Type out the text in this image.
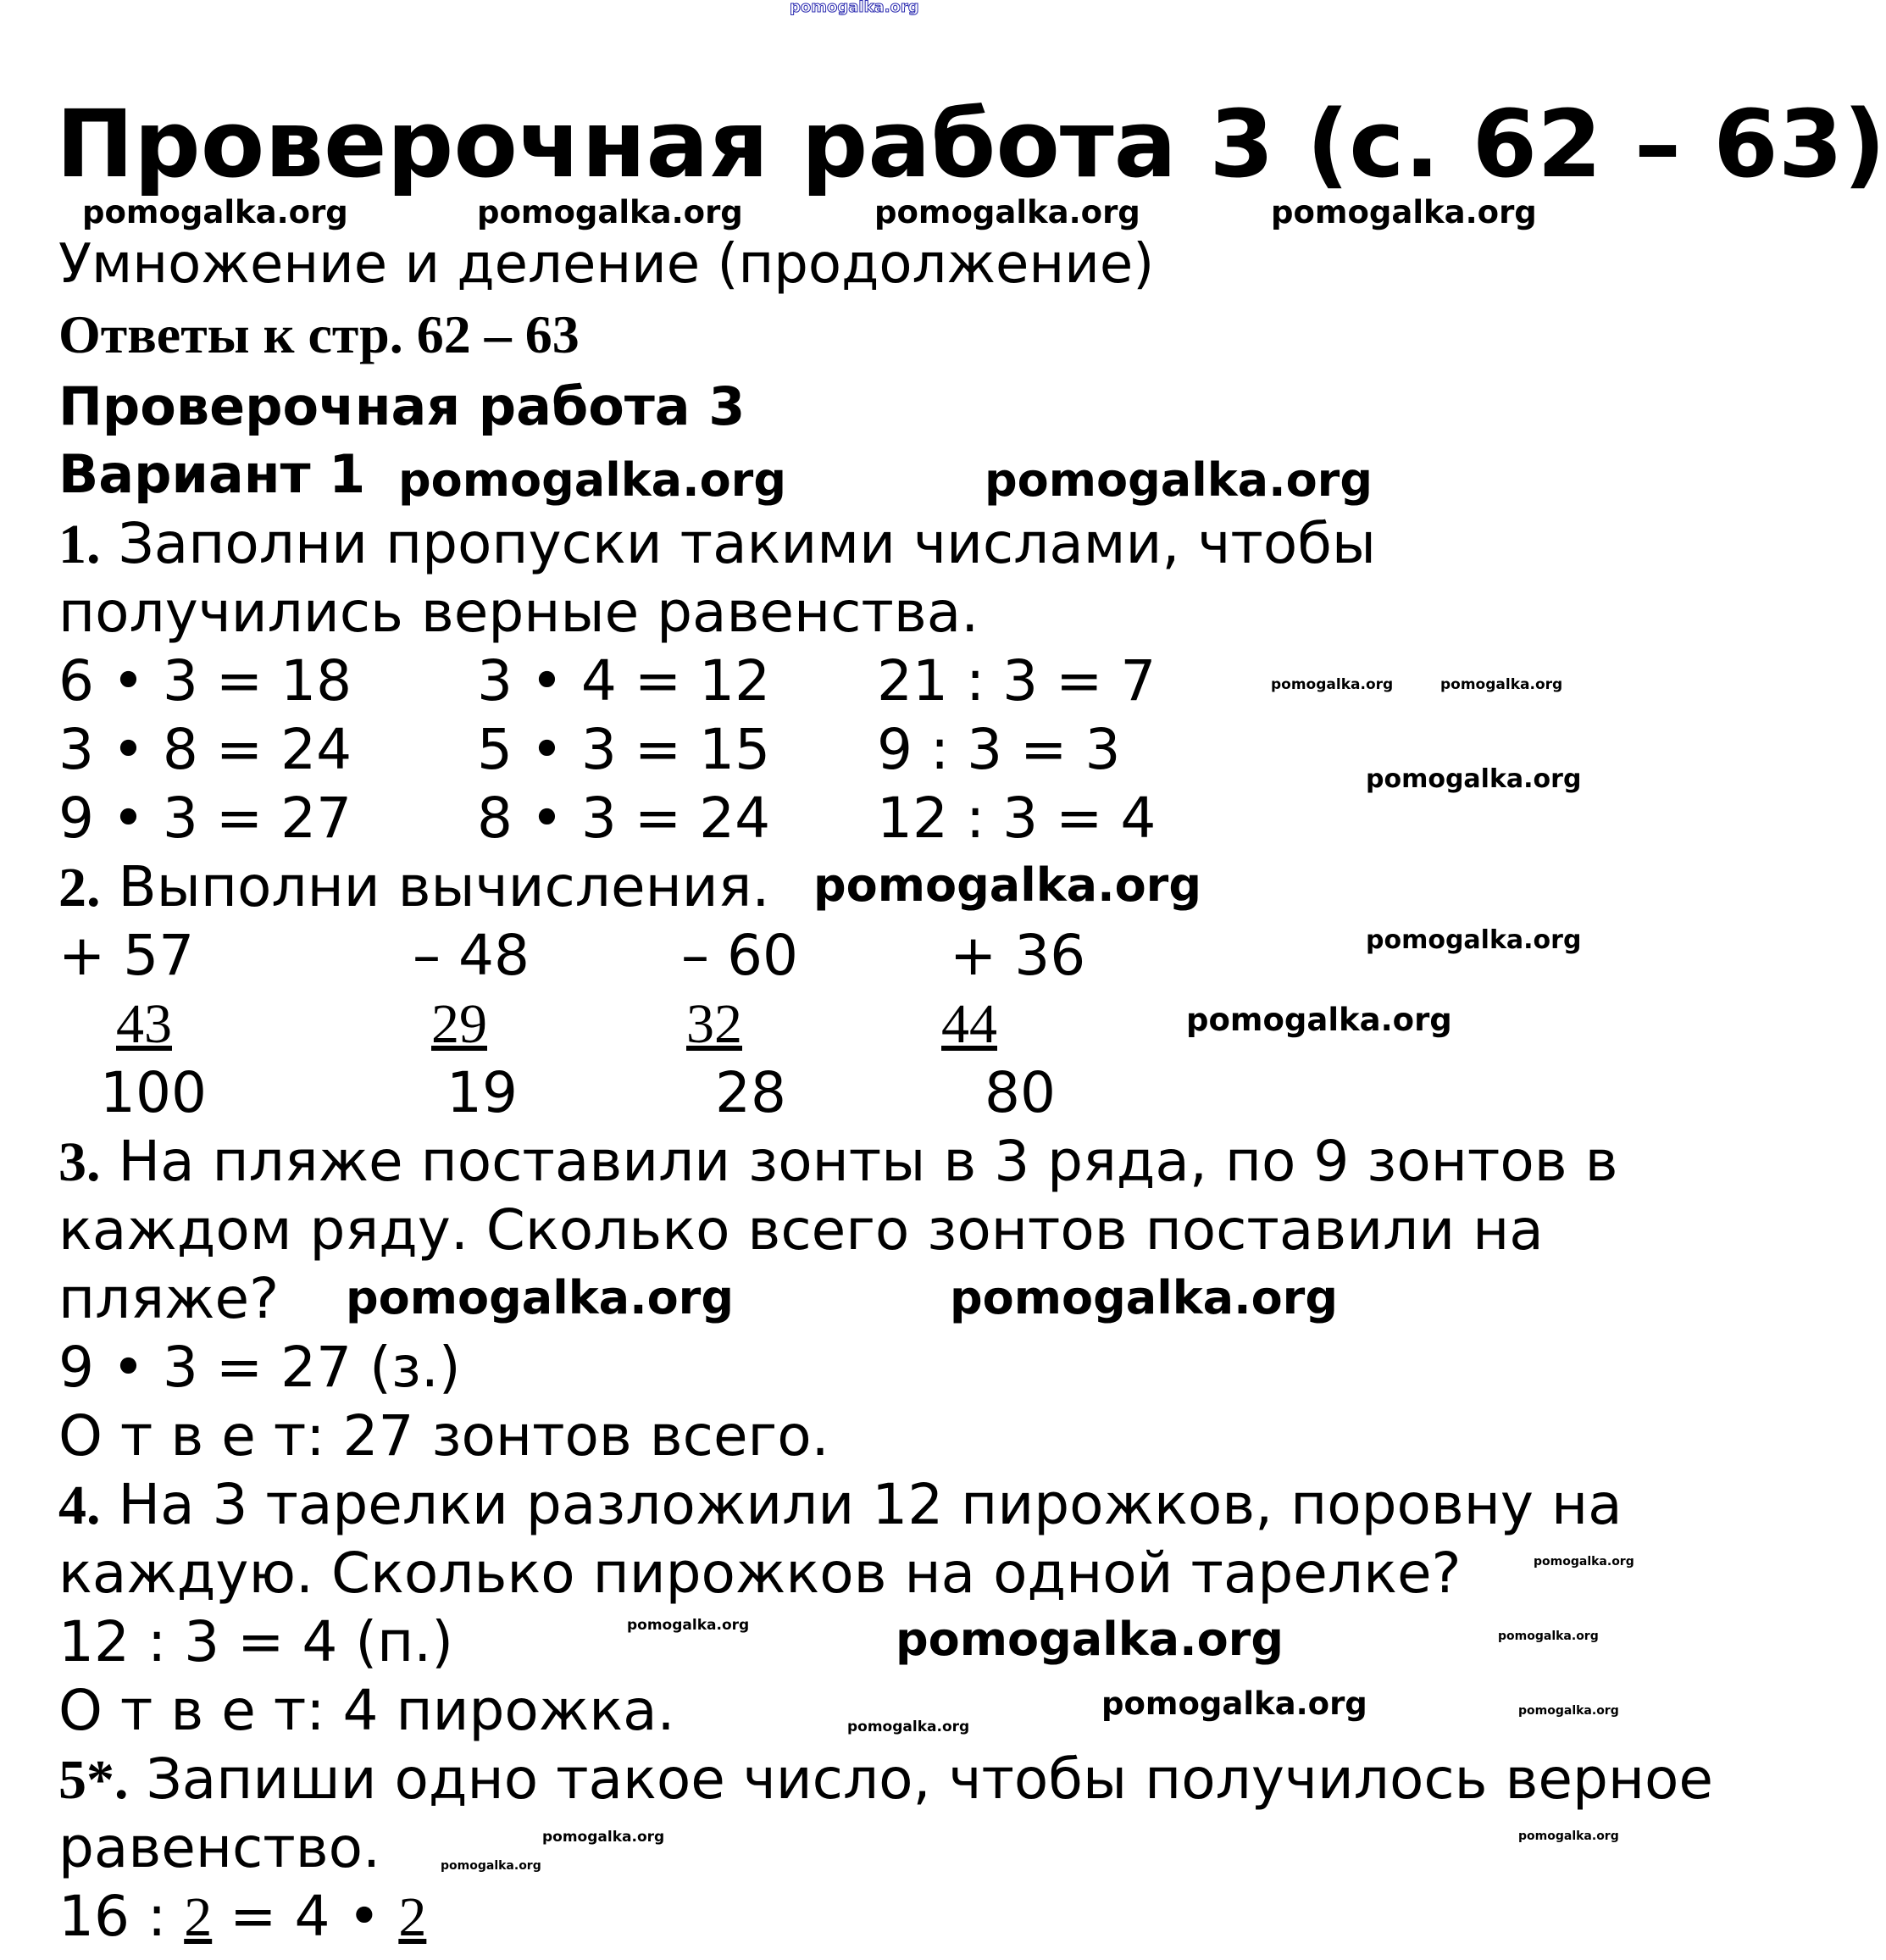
pomogalka.org
Проверочная работа 3 (с. 62 – 63)
Умножение и деление (продолжение)
Ответы к стр. 62 – 63
Проверочная работа 3
Вариант 1
1. Заполни пропуски такими числами, чтобы
получились верные равенства.
6 • 3 = 18 3 • 4 = 12 21 : 3 = 7
3 • 8 = 24 5 • 3 = 15 9 : 3 = 3
9 • 3 = 27 8 • 3 = 24 12 : 3 = 4
2. Выполни вычисления.
+ 57	– 48	– 60	+ 36
43	29	32	44
100	19	28	80
3. На пляже поставили зонты в 3 ряда, по 9 зонтов в
каждом ряду. Сколько всего зонтов поставили на
пляже?
9 • 3 = 27 (з.)
О т в е т: 27 зонтов всего.
4. На 3 тарелки разложили 12 пирожков, поровну на
каждую. Сколько пирожков на одной тарелке?
12 : 3 = 4 (п.)
О т в е т: 4 пирожка.
5*. Запиши одно такое число, чтобы получилось верное
равенство.
16 : 2 = 4 • 2
pomogalka.org	pomogalka.org	pomogalka.org	pomogalka.org
pomogalka.org	pomogalka.org
pomogalka.org	pomogalka.org
pomogalka.org
pomogalka.org
pomogalka.org
pomogalka.org
pomogalka.org
pomogalka.org
pomogalka.org
pomogalka.org	pomogalka.org	pomogalka.org
pomogalka.org	pomogalka.org
pomogalka.org
pomogalka.org
pomogalka.org
pomogalka.org
